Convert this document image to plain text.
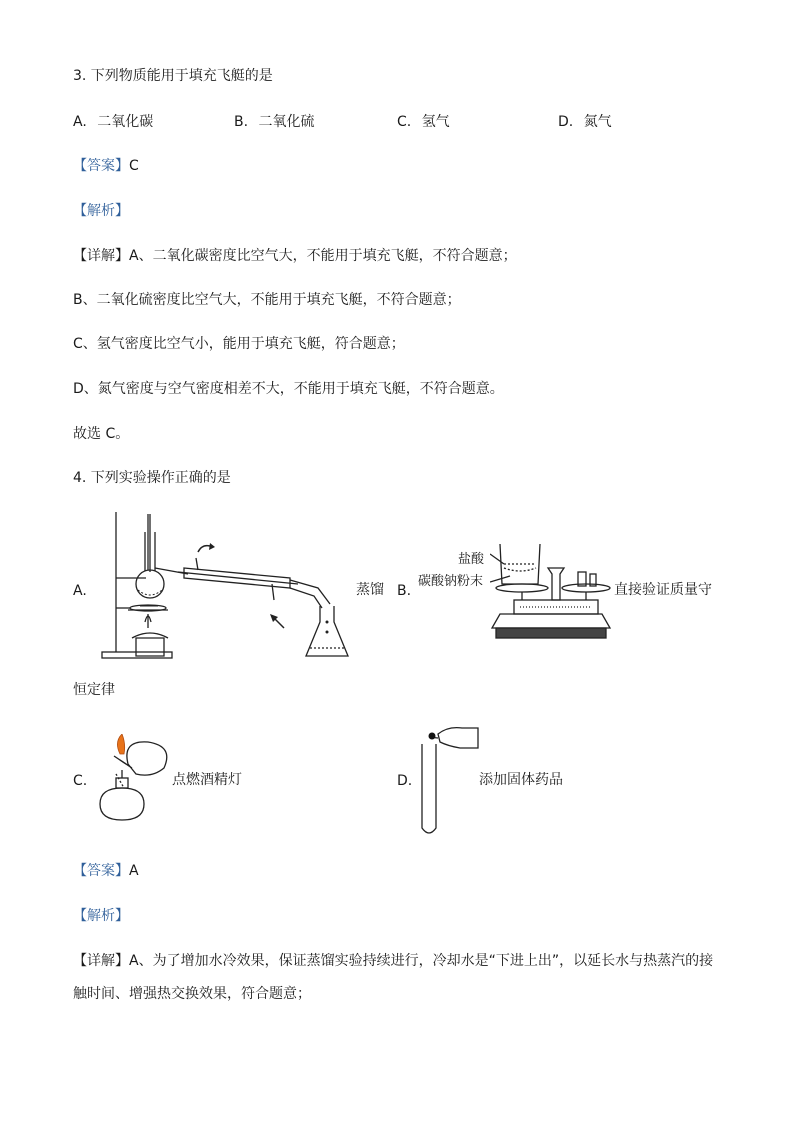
3. 下列物质能用于填充飞艇的是
A. 二氧化碳	B. 二氧化硫	C. 氢气	D. 氮气
【答案】C
【解析】
【详解】A、二氧化碳密度比空气大，不能用于填充飞艇，不符合题意；
B、二氧化硫密度比空气大，不能用于填充飞艇，不符合题意；
C、氢气密度比空气小，能用于填充飞艇，符合题意；
D、氮气密度与空气密度相差不大，不能用于填充飞艇，不符合题意。
故选 C。
4. 下列实验操作正确的是
A.	蒸馏 B.
盐酸
碳酸钠粉末
直接验证质量守
恒定律
C.	点燃酒精灯	D.	添加固体药品
【答案】A
【解析】
【详解】A、为了增加水冷效果，保证蒸馏实验持续进行，冷却水是“下进上出”，以延长水与热蒸汽的接
触时间、增强热交换效果，符合题意；
